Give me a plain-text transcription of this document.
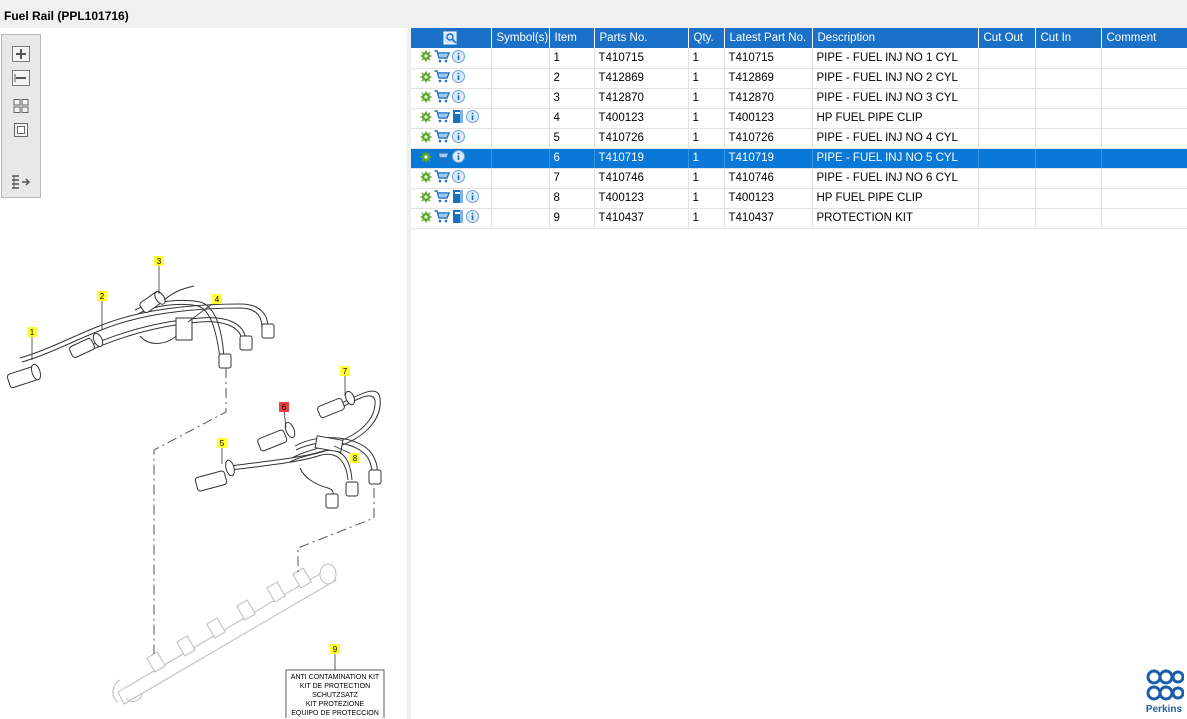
Fuel Rail (PPL101716)
1
2
3
4
5
6
7
8
9
ANTI CONTAMINATION KIT
KIT DE PROTECTION
SCHUTZSATZ
KIT PROTEZIONE
EQUIPO DE PROTECCION
	Symbol(s)	Item	Parts No.	Qty.	Latest Part No.	Description	Cut Out	Cut In	Comment

		1	T410715	1	T410715	PIPE - FUEL INJ NO 1 CYL			

		2	T412869	1	T412869	PIPE - FUEL INJ NO 2 CYL			

		3	T412870	1	T412870	PIPE - FUEL INJ NO 3 CYL			

		4	T400123	1	T400123	HP FUEL PIPE CLIP			

		5	T410726	1	T410726	PIPE - FUEL INJ NO 4 CYL			

		6	T410719	1	T410719	PIPE - FUEL INJ NO 5 CYL			

		7	T410746	1	T410746	PIPE - FUEL INJ NO 6 CYL			

		8	T400123	1	T400123	HP FUEL PIPE CLIP			

		9	T410437	1	T410437	PROTECTION KIT			
Perkins
